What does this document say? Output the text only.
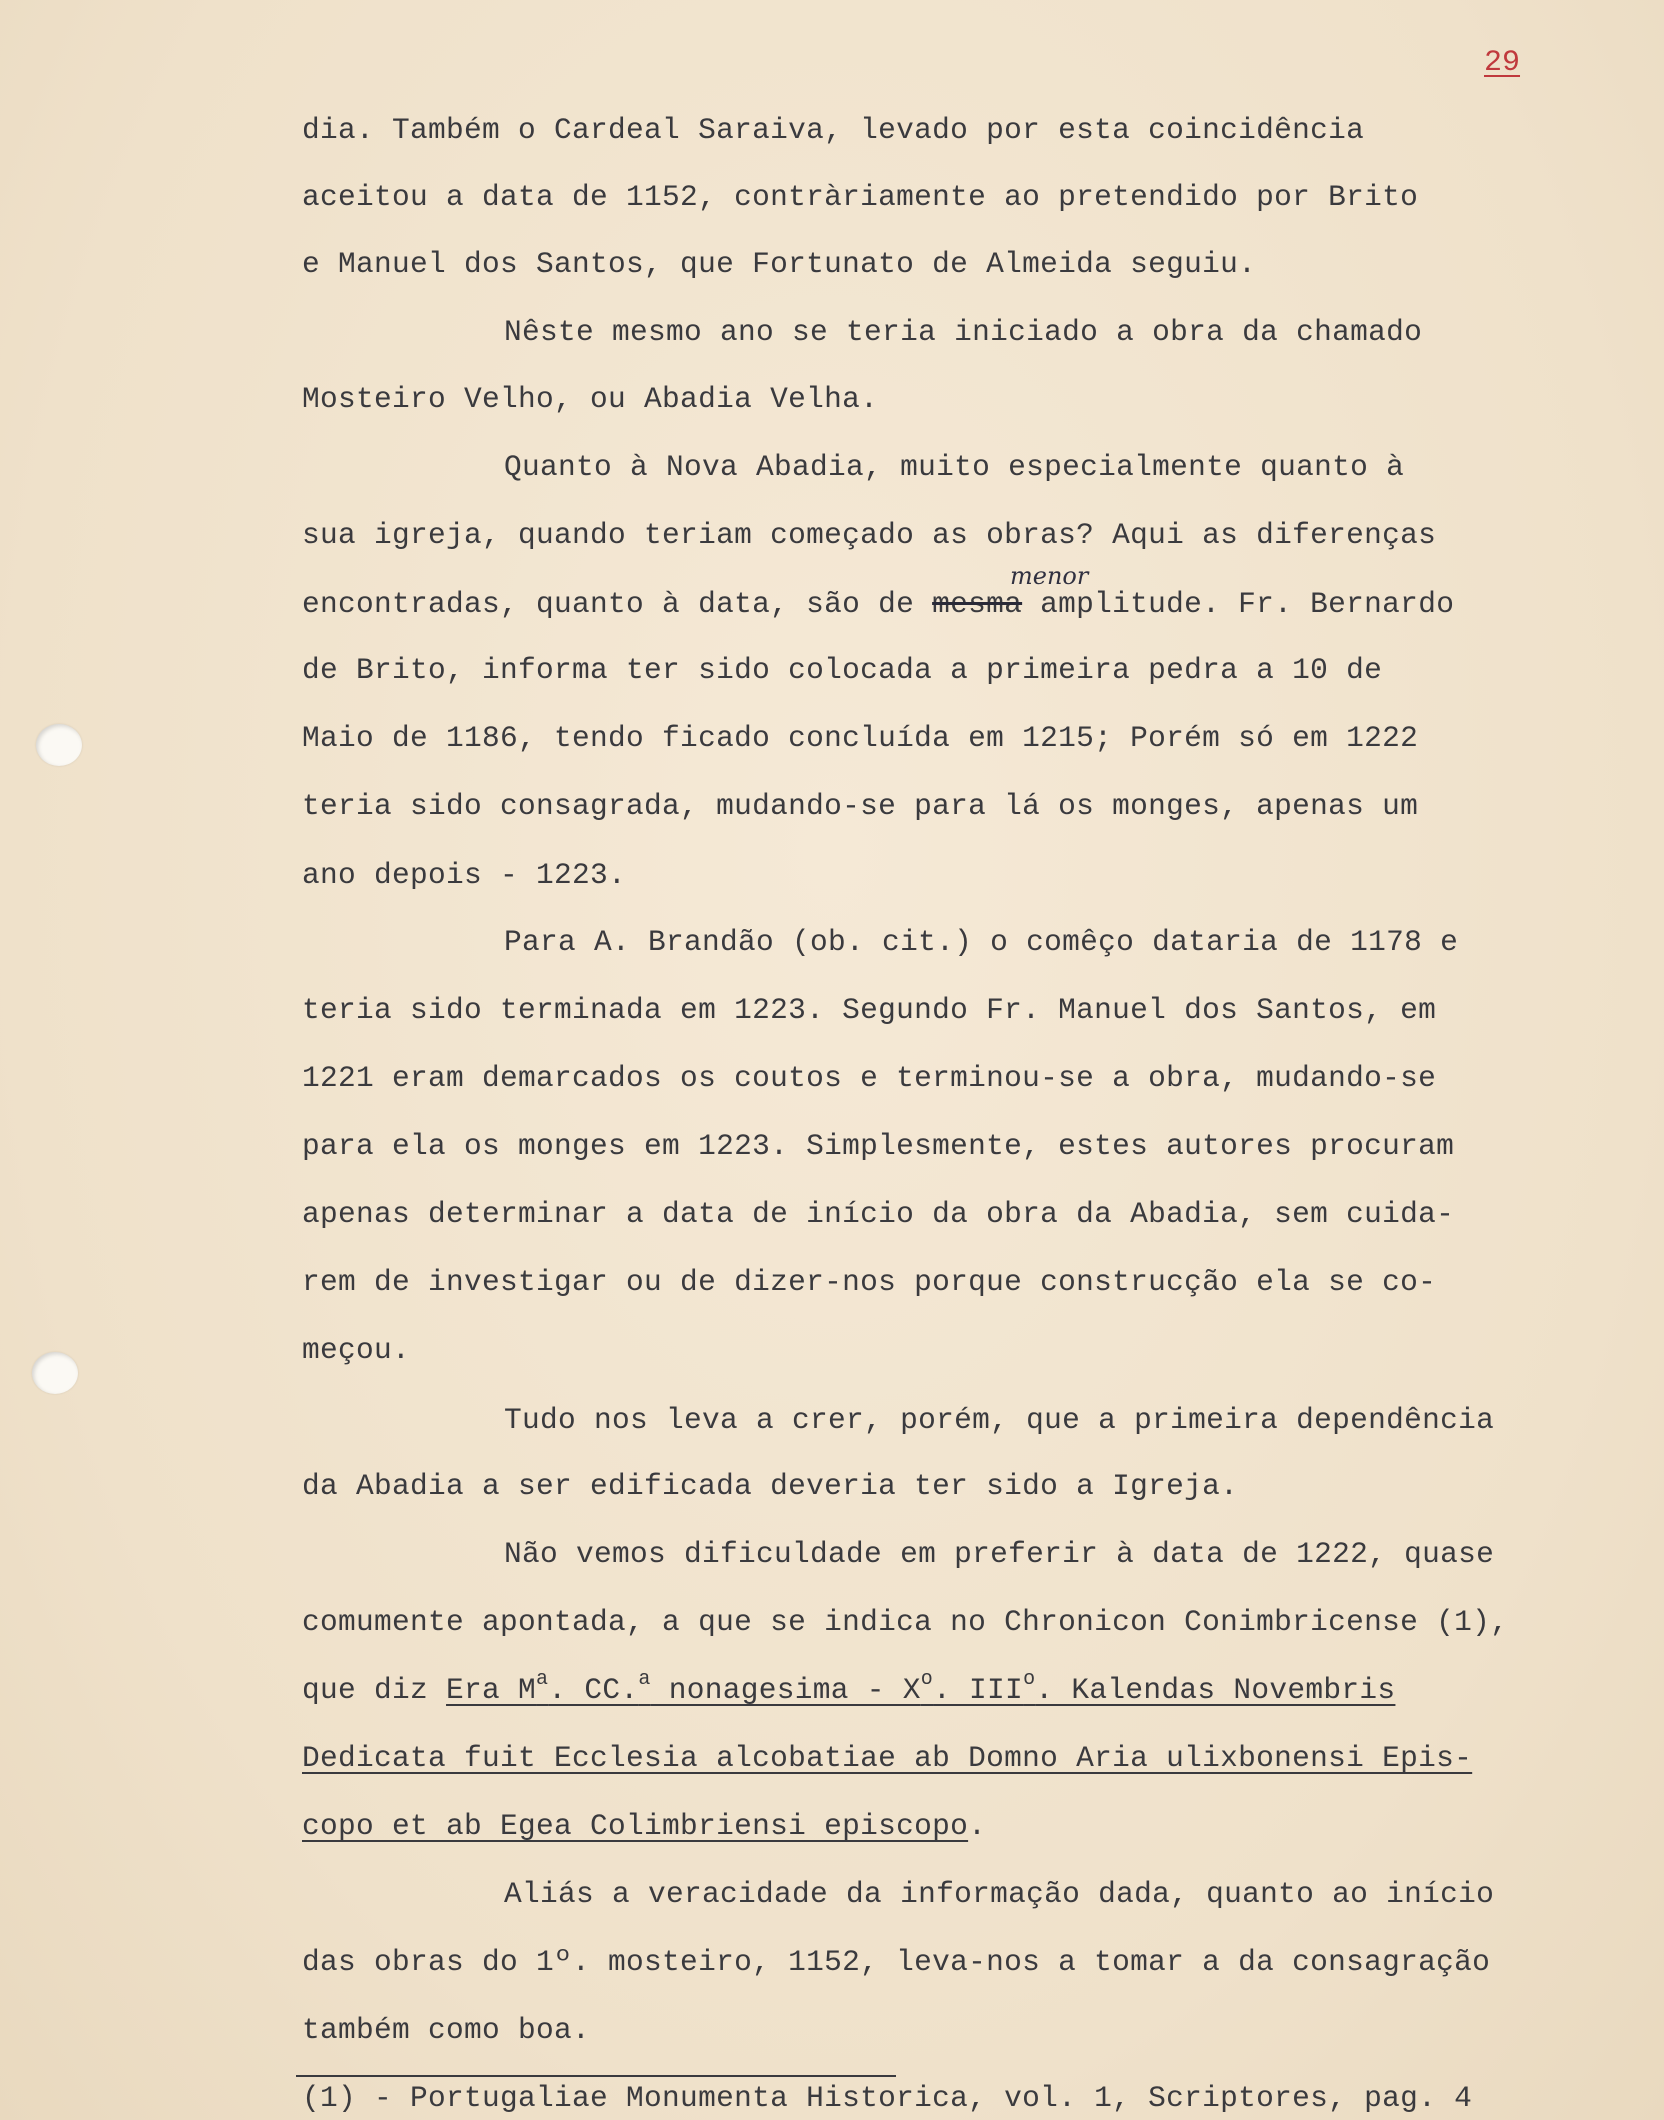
29
menor
dia. Também o Cardeal Saraiva, levado por esta coincidência
aceitou a data de 1152, contràriamente ao pretendido por Brito
e Manuel dos Santos, que Fortunato de Almeida seguiu.
Nêste mesmo ano se teria iniciado a obra da chamado
Mosteiro Velho, ou Abadia Velha.
Quanto à Nova Abadia, muito especialmente quanto à
sua igreja, quando teriam começado as obras? Aqui as diferenças
encontradas, quanto à data, são de mesma amplitude. Fr. Bernardo
de Brito, informa ter sido colocada a primeira pedra a 10 de
Maio de 1186, tendo ficado concluída em 1215; Porém só em 1222
teria sido consagrada, mudando-se para lá os monges, apenas um
ano depois - 1223.
Para A. Brandão (ob. cit.) o comêço dataria de 1178 e
teria sido terminada em 1223. Segundo Fr. Manuel dos Santos, em
1221 eram demarcados os coutos e terminou-se a obra, mudando-se
para ela os monges em 1223. Simplesmente, estes autores procuram
apenas determinar a data de início da obra da Abadia, sem cuida-
rem de investigar ou de dizer-nos porque construcção ela se co-
meçou.
Tudo nos leva a crer, porém, que a primeira dependência
da Abadia a ser edificada deveria ter sido a Igreja.
Não vemos dificuldade em preferir à data de 1222, quase
comumente apontada, a que se indica no Chronicon Conimbricense (1),
que diz Era $M^a$. CC.$^a$ nonagesima - $X^o$. III$^o$. Kalendas Novembris
Dedicata fuit Ecclesia alcobatiae ab Domno Aria ulixbonensi Epis-
copo et ab Egea Colimbriensi episcopo.
Aliás a veracidade da informação dada, quanto ao início
das obras do 1º. mosteiro, 1152, leva-nos a tomar a da consagração
também como boa.
(1) - Portugaliae Monumenta Historica, vol. 1, Scriptores, pag. 4
